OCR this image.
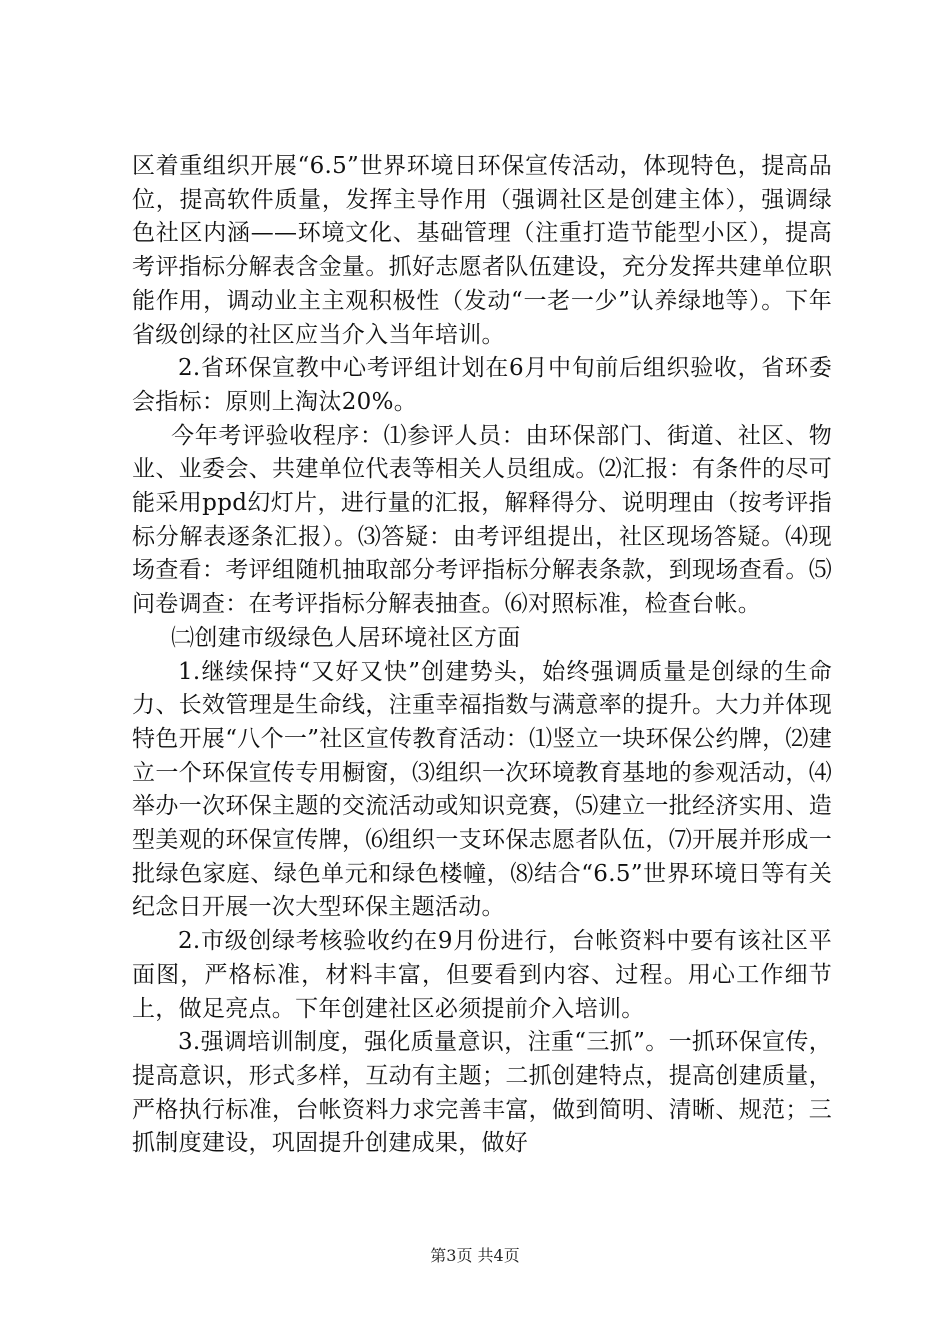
区着重组织开展“6.5”世界环境日环保宣传活动，体现特色，提高品位，提高软件质量，发挥主导作用（强调社区是创建主体），强调绿色社区内涵——环境文化、基础管理（注重打造节能型小区），提高考评指标分解表含金量。抓好志愿者队伍建设，充分发挥共建单位职能作用，调动业主主观积极性（发动“一老一少”认养绿地等）。下年省级创绿的社区应当介入当年培训。

2.省环保宣教中心考评组计划在6月中旬前后组织验收，省环委会指标：原则上淘汰20%。

今年考评验收程序：⑴参评人员：由环保部门、街道、社区、物业、业委会、共建单位代表等相关人员组成。⑵汇报：有条件的尽可能采用ppd幻灯片，进行量的汇报，解释得分、说明理由（按考评指标分解表逐条汇报）。⑶答疑：由考评组提出，社区现场答疑。⑷现场查看：考评组随机抽取部分考评指标分解表条款，到现场查看。⑸问卷调查：在考评指标分解表抽查。⑹对照标准，检查台帐。

㈡创建市级绿色人居环境社区方面

1.继续保持“又好又快”创建势头，始终强调质量是创绿的生命力、长效管理是生命线，注重幸福指数与满意率的提升。大力并体现特色开展“八个一”社区宣传教育活动：⑴竖立一块环保公约牌，⑵建立一个环保宣传专用橱窗，⑶组织一次环境教育基地的参观活动，⑷举办一次环保主题的交流活动或知识竞赛，⑸建立一批经济实用、造型美观的环保宣传牌，⑹组织一支环保志愿者队伍，⑺开展并形成一批绿色家庭、绿色单元和绿色楼幢，⑻结合“6.5”世界环境日等有关纪念日开展一次大型环保主题活动。

2.市级创绿考核验收约在9月份进行，台帐资料中要有该社区平面图，严格标准，材料丰富，但要看到内容、过程。用心工作细节上，做足亮点。下年创建社区必须提前介入培训。

3.强调培训制度，强化质量意识，注重“三抓”。一抓环保宣传，提高意识，形式多样，互动有主题；二抓创建特点，提高创建质量，严格执行标准，台帐资料力求完善丰富，做到简明、清晰、规范；三抓制度建设，巩固提升创建成果，做好

第3页 共4页
